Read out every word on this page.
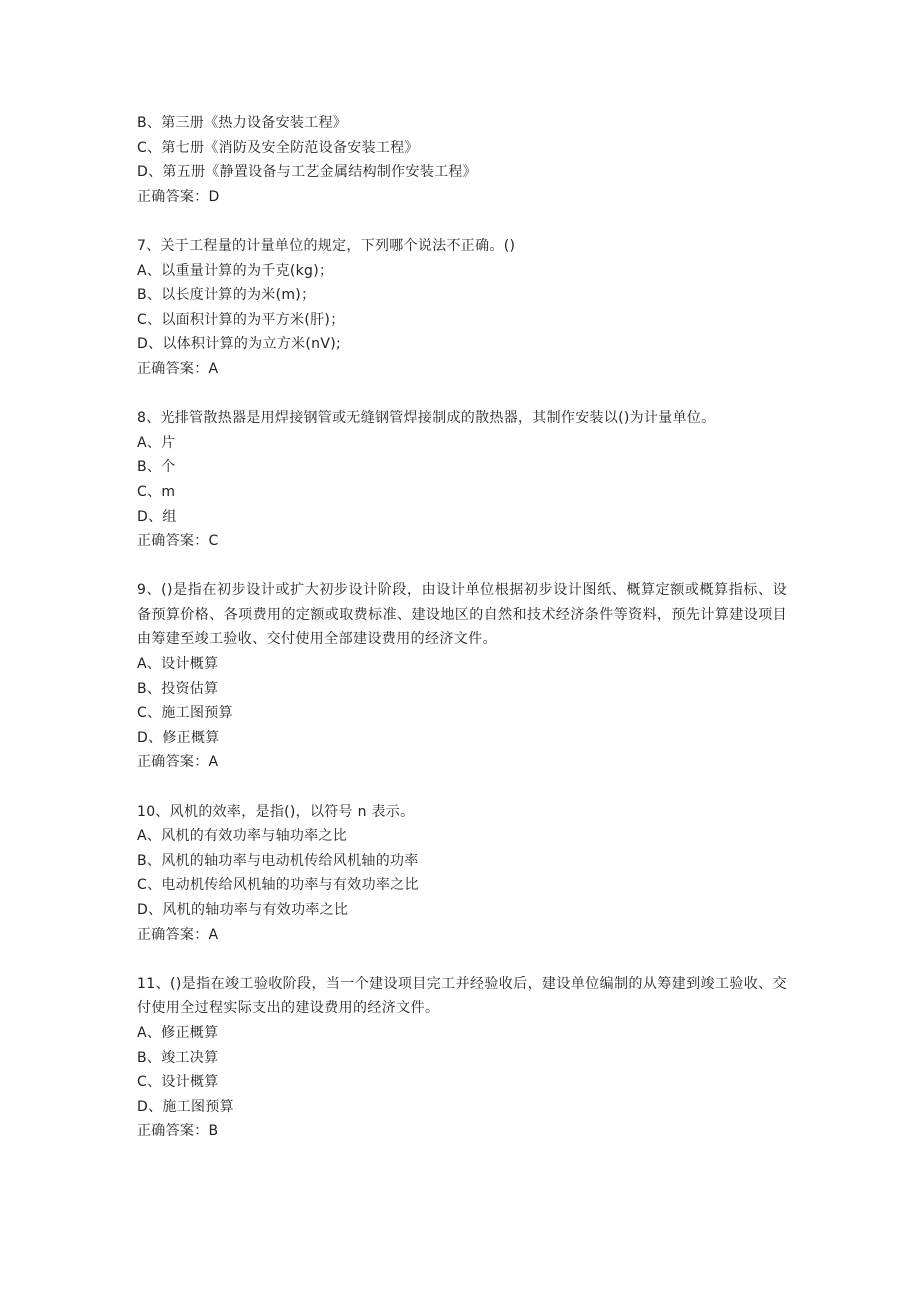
B、第三册《热力设备安装工程》
C、第七册《消防及安全防范设备安装工程》
D、第五册《静置设备与工艺金属结构制作安装工程》
正确答案：D
7、关于工程量的计量单位的规定，下列哪个说法不正确。()
A、以重量计算的为千克(kg)；
B、以长度计算的为米(m)；
C、以面积计算的为平方米(肝)；
D、以体积计算的为立方米(nV);
正确答案：A
8、光排管散热器是用焊接钢管或无缝钢管焊接制成的散热器，其制作安装以()为计量单位。
A、片
B、个
C、m
D、组
正确答案：C
9、()是指在初步设计或扩大初步设计阶段，由设计单位根据初步设计图纸、概算定额或概算指标、设备预算价格、各项费用的定额或取费标准、建设地区的自然和技术经济条件等资料，预先计算建设项目由筹建至竣工验收、交付使用全部建设费用的经济文件。
A、设计概算
B、投资估算
C、施工图预算
D、修正概算
正确答案：A
10、风机的效率，是指()，以符号 n 表示。
A、风机的有效功率与轴功率之比
B、风机的轴功率与电动机传给风机轴的功率
C、电动机传给风机轴的功率与有效功率之比
D、风机的轴功率与有效功率之比
正确答案：A
11、()是指在竣工验收阶段，当一个建设项目完工并经验收后，建设单位编制的从筹建到竣工验收、交付使用全过程实际支出的建设费用的经济文件。
A、修正概算
B、竣工决算
C、设计概算
D、施工图预算
正确答案：B
